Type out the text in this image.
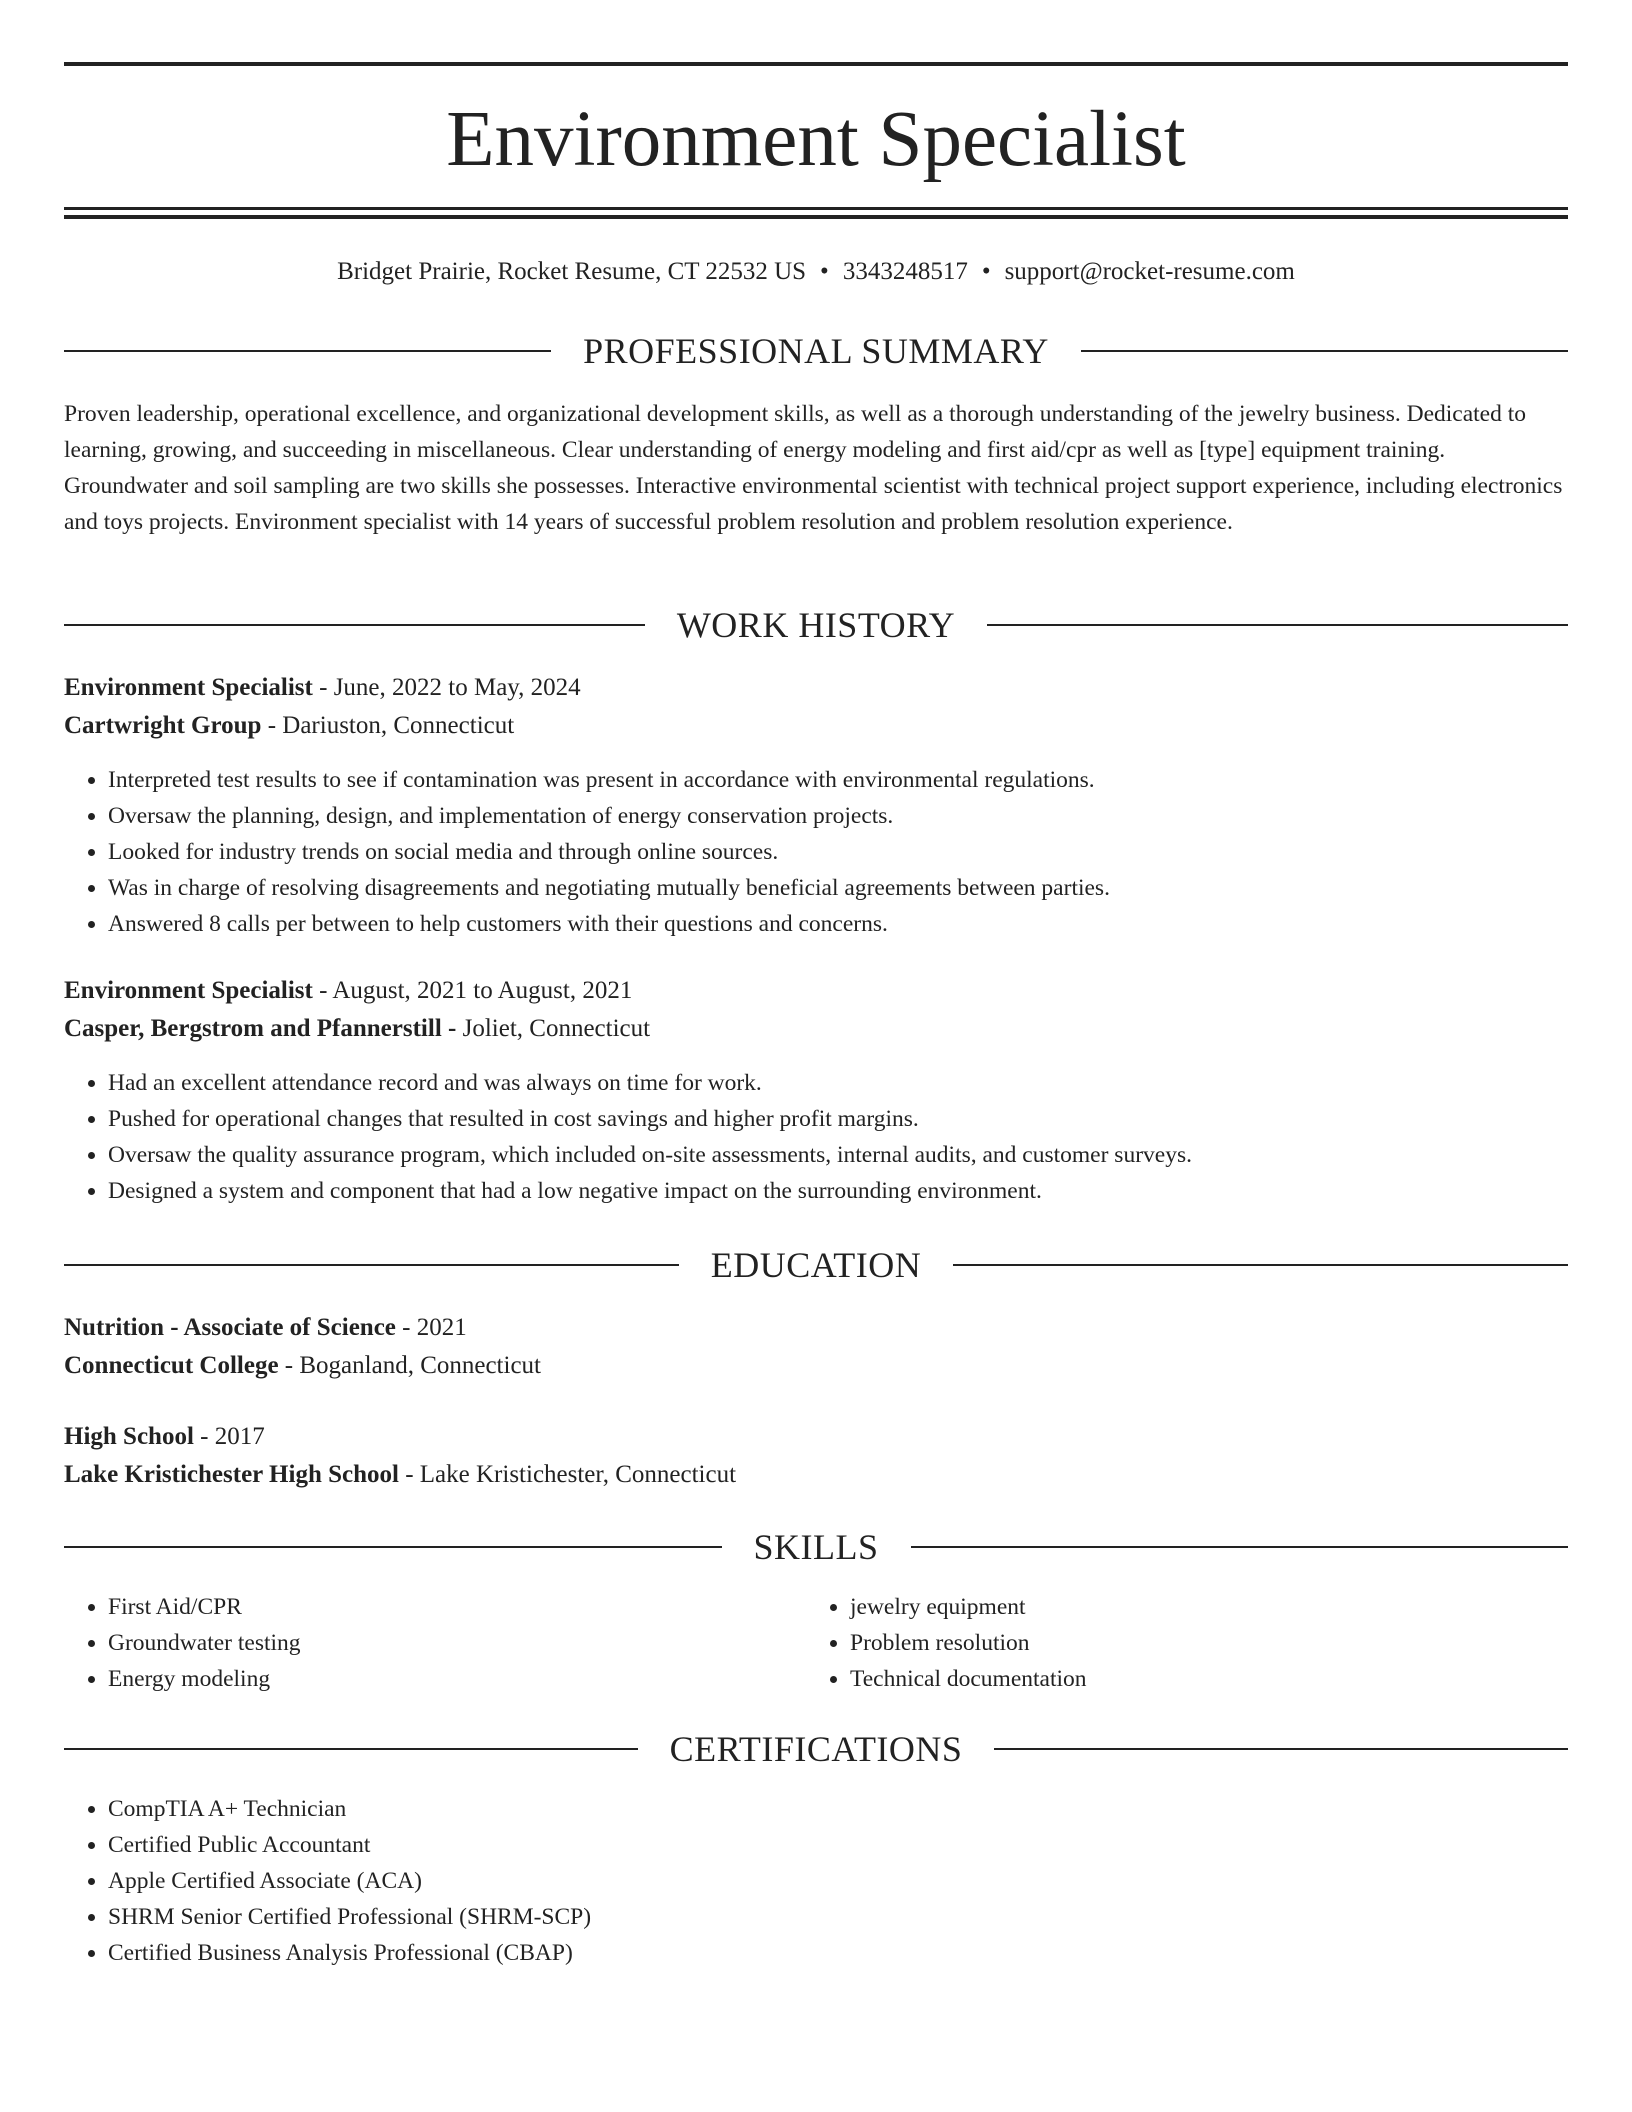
Environment Specialist
Bridget Prairie, Rocket Resume, CT 22532 US • 3343248517 • support@rocket-resume.com
PROFESSIONAL SUMMARY

Proven leadership, operational excellence, and organizational development skills, as well as a thorough understanding of the jewelry business. Dedicated to learning, growing, and succeeding in miscellaneous. Clear understanding of energy modeling and first aid/cpr as well as [type] equipment training. Groundwater and soil sampling are two skills she possesses. Interactive environmental scientist with technical project support experience, including electronics and toys projects. Environment specialist with 14 years of successful problem resolution and problem resolution experience.

WORK HISTORY
Environment Specialist - June, 2022 to May, 2024
Cartwright Group - Dariuston, Connecticut
• Interpreted test results to see if contamination was present in accordance with environmental regulations.
• Oversaw the planning, design, and implementation of energy conservation projects.
• Looked for industry trends on social media and through online sources.
• Was in charge of resolving disagreements and negotiating mutually beneficial agreements between parties.
• Answered 8 calls per between to help customers with their questions and concerns.
Environment Specialist - August, 2021 to August, 2021
Casper, Bergstrom and Pfannerstill - Joliet, Connecticut
• Had an excellent attendance record and was always on time for work.
• Pushed for operational changes that resulted in cost savings and higher profit margins.
• Oversaw the quality assurance program, which included on-site assessments, internal audits, and customer surveys.
• Designed a system and component that had a low negative impact on the surrounding environment.
EDUCATION
Nutrition - Associate of Science - 2021
Connecticut College - Boganland, Connecticut
High School - 2017
Lake Kristichester High School - Lake Kristichester, Connecticut
SKILLS
• First Aid/CPR
• Groundwater testing
• Energy modeling
• jewelry equipment
• Problem resolution
• Technical documentation
CERTIFICATIONS
• CompTIA A+ Technician
• Certified Public Accountant
• Apple Certified Associate (ACA)
• SHRM Senior Certified Professional (SHRM-SCP)
• Certified Business Analysis Professional (CBAP)
